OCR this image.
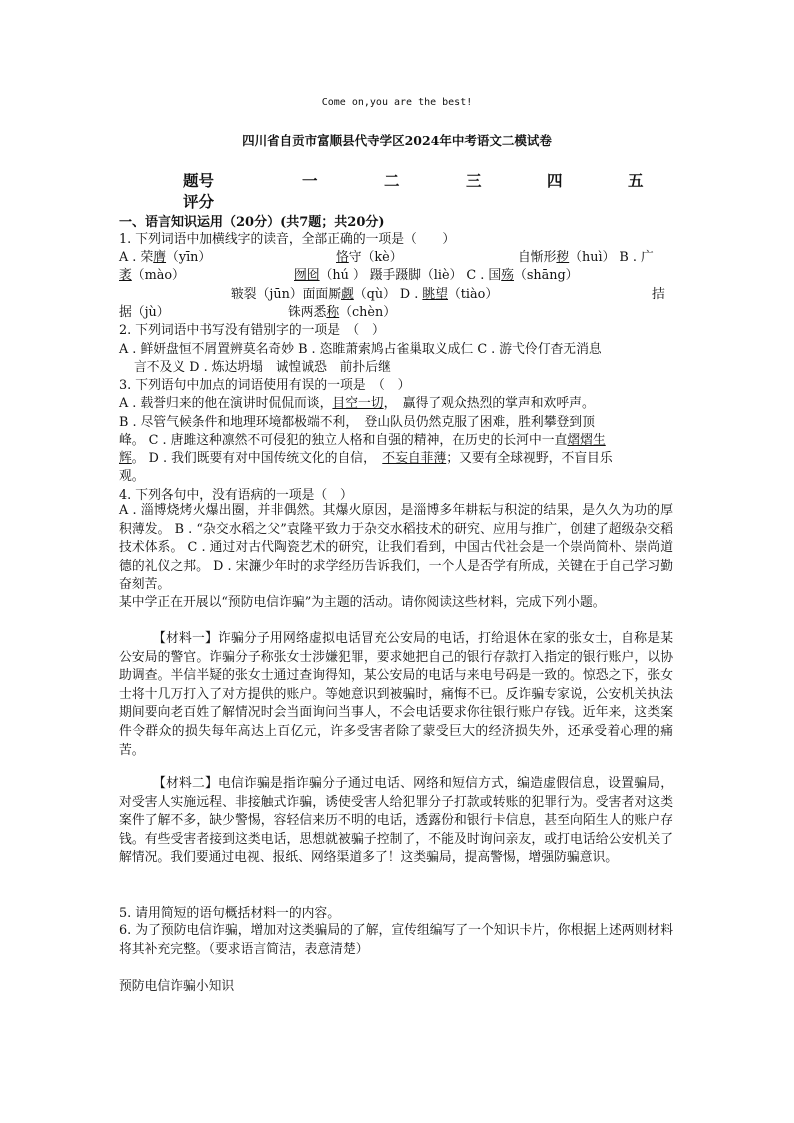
Come on,you are the best!
四川省自贡市富顺县代寺学区2024年中考语文二模试卷
题号	一	二	三	四	五
评分
一、语言知识运用（20分）(共7题；共20分)
1. 下列词语中加横线字的读音，全部正确的一项是（　　）
A . 荣膺（yīn）	恪守（kè）	自惭形秽（huì） B . 广
袤（mào）	囫囵（hú ） 蹑手蹑脚（liè） C . 国殇（shāng）
皲裂（jūn）面面厮觑（qù） D . 眺望（tiào）	拮
据（jù）	铢两悉称（chèn）
2. 下列词语中书写没有错别字的一项是　（　）
A . 鲜妍盘恒不屑置辨莫名奇妙 B . 恣睢萧索鸠占雀巢取义成仁 C . 游弋伶仃杳无消息
言不及义 D . 炼达坍塌　诚惶诚恐　前扑后继
3. 下列语句中加点的词语使用有误的一项是　（　）
A . 载誉归来的他在演讲时侃侃而谈，目空一切，　赢得了观众热烈的掌声和欢呼声。
B . 尽管气候条件和地理环境都极端不利，　登山队员仍然克服了困难，胜利攀登到顶
峰。 C . 唐雎这种凛然不可侵犯的独立人格和自强的精神，在历史的长河中一直熠熠生
辉。 D . 我们既要有对中国传统文化的自信，　不妄自菲薄；又要有全球视野，不盲目乐
观。
4. 下列各句中，没有语病的一项是（　）
A . 淄博烧烤火爆出圈，并非偶然。其爆火原因，是淄博多年耕耘与积淀的结果，是久久为功的厚积薄发。 B . “杂交水稻之父”袁隆平致力于杂交水稻技术的研究、应用与推广，创建了超级杂交稻技术体系。 C . 通过对古代陶瓷艺术的研究，让我们看到，中国古代社会是一个崇尚简朴、崇尚道德的礼仪之邦。 D . 宋濂少年时的求学经历告诉我们，一个人是否学有所成，关键在于自己学习勤奋刻苦。
某中学正在开展以“预防电信诈骗”为主题的活动。请你阅读这些材料，完成下列小题。
【材料一】诈骗分子用网络虚拟电话冒充公安局的电话，打给退休在家的张女士，自称是某公安局的警官。诈骗分子称张女士涉嫌犯罪，要求她把自己的银行存款打入指定的银行账户，以协助调查。半信半疑的张女士通过查询得知，某公安局的电话与来电号码是一致的。惊恐之下，张女士将十几万打入了对方提供的账户。等她意识到被骗时，痛悔不已。反诈骗专家说，公安机关执法期间要向老百姓了解情况时会当面询问当事人，不会电话要求你往银行账户存钱。近年来，这类案件令群众的损失每年高达上百亿元，许多受害者除了蒙受巨大的经济损失外，还承受着心理的痛苦。
【材料二】电信诈骗是指诈骗分子通过电话、网络和短信方式，编造虚假信息，设置骗局，对受害人实施远程、非接触式诈骗，诱使受害人给犯罪分子打款或转账的犯罪行为。受害者对这类案件了解不多，缺少警惕，容轻信来历不明的电话，透露份和银行卡信息，甚至向陌生人的账户存钱。有些受害者接到这类电话，思想就被骗子控制了，不能及时询问亲友，或打电话给公安机关了解情况。我们要通过电视、报纸、网络渠道多了！这类骗局，提高警惕，增强防骗意识。
5. 请用简短的语句概括材料一的内容。
6. 为了预防电信诈骗，增加对这类骗局的了解，宣传组编写了一个知识卡片，你根据上述两则材料将其补充完整。（要求语言简洁，表意清楚）
预防电信诈骗小知识
